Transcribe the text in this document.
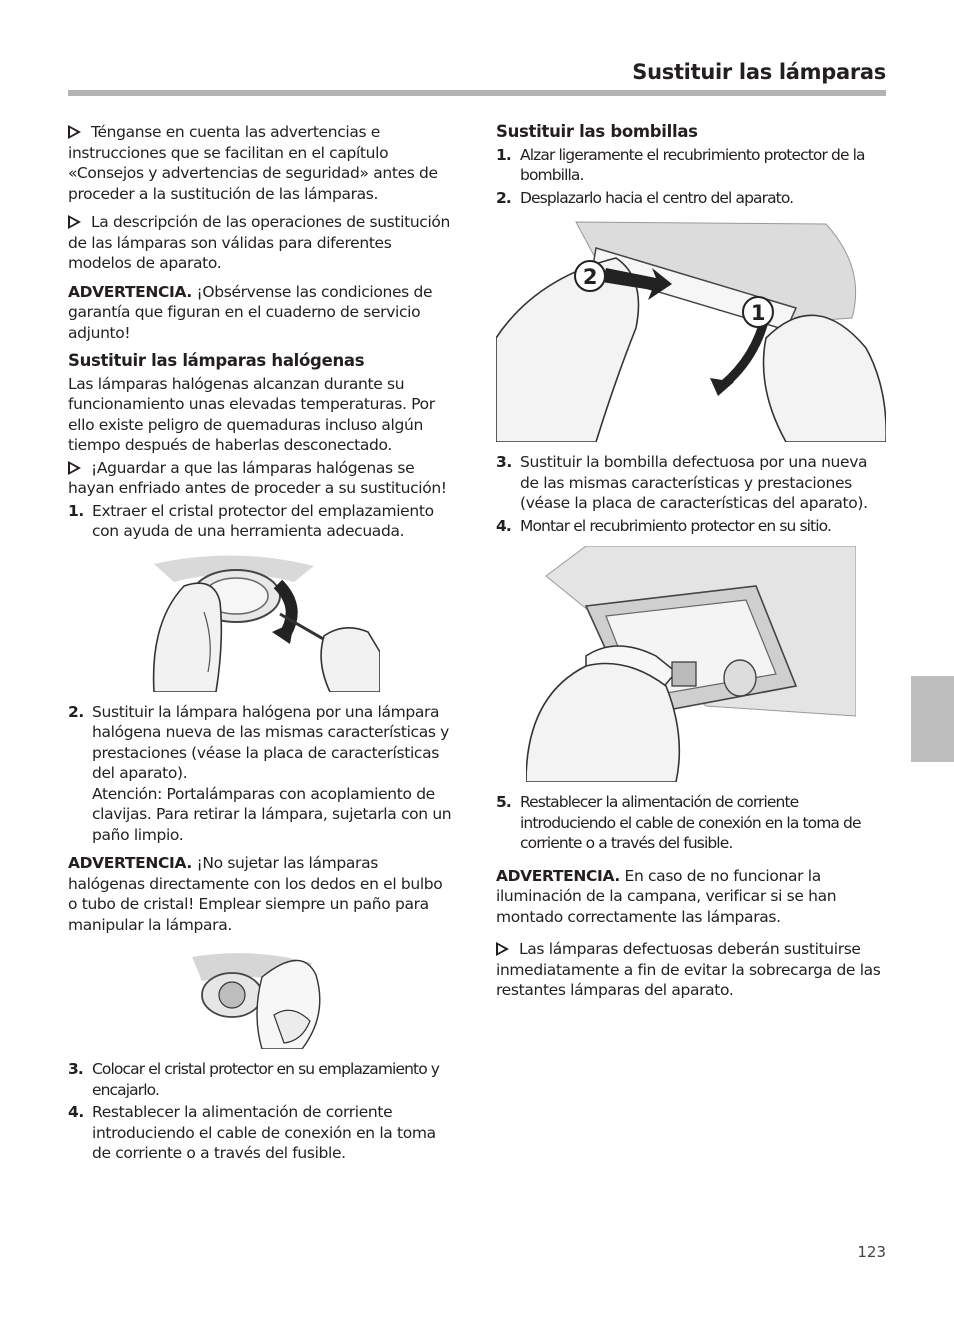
Sustituir las lámparas

Ténganse en cuenta las advertencias e instrucciones que se facilitan en el capítulo «Consejos y advertencias de seguridad» antes de proceder a la sustitución de las lámparas.

La descripción de las operaciones de sustitución de las lámparas son válidas para diferentes modelos de aparato.

ADVERTENCIA. ¡Obsérvense las condiciones de garantía que figuran en el cuaderno de servicio adjunto!

Sustituir las lámparas halógenas

Las lámparas halógenas alcanzan durante su funcionamiento unas elevadas temperaturas. Por ello existe peligro de quemaduras incluso algún tiempo después de haberlas desconectado.

¡Aguardar a que las lámparas halógenas se hayan enfriado antes de proceder a su sustitución!

1. Extraer el cristal protector del emplazamiento con ayuda de una herramienta adecuada.
2. Sustituir la lámpara halógena por una lámpara halógena nueva de las mismas características y prestaciones (véase la placa de características del aparato).
Atención: Portalámparas con acoplamiento de clavijas. Para retirar la lámpara, sujetarla con un paño limpio.

ADVERTENCIA. ¡No sujetar las lámparas halógenas directamente con los dedos en el bulbo o tubo de cristal! Emplear siempre un paño para manipular la lámpara.

3. Colocar el cristal protector en su emplazamiento y encajarlo.
4. Restablecer la alimentación de corriente introduciendo el cable de conexión en la toma de corriente o a través del fusible.
Sustituir las bombillas
1. Alzar ligeramente el recubrimiento protector de la bombilla.
2. Desplazarlo hacia el centro del aparato.
2
1
3. Sustituir la bombilla defectuosa por una nueva de las mismas características y prestaciones (véase la placa de características del aparato).
4. Montar el recubrimiento protector en su sitio.
5. Restablecer la alimentación de corriente introduciendo el cable de conexión en la toma de corriente o a través del fusible.

ADVERTENCIA. En caso de no funcionar la iluminación de la campana, verificar si se han montado correctamente las lámparas.

Las lámparas defectuosas deberán sustituirse inmediatamente a fin de evitar la sobrecarga de las restantes lámparas del aparato.

123
